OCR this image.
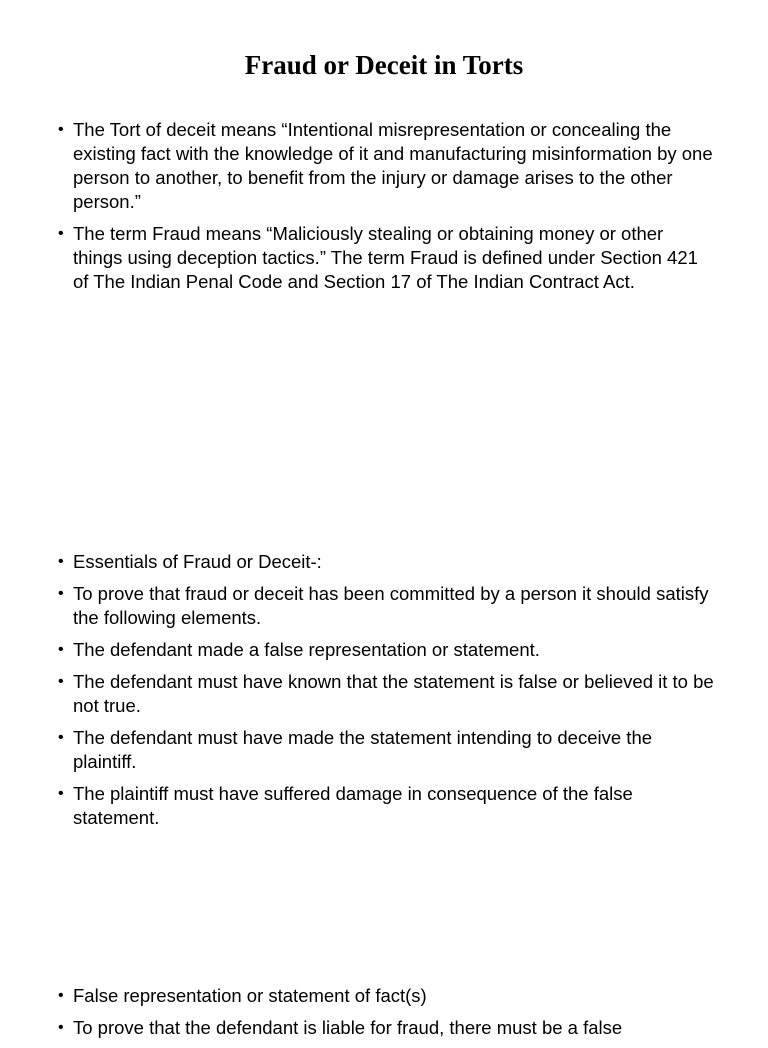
Fraud or Deceit in Torts
• The Tort of deceit means “Intentional misrepresentation or concealing the existing fact with the knowledge of it and manufacturing misinformation by one person to another, to benefit from the injury or damage arises to the other person.”
• The term Fraud means “Maliciously stealing or obtaining money or other things using deception tactics.” The term Fraud is defined under Section 421 of The Indian Penal Code and Section 17 of The Indian Contract Act.
• Essentials of Fraud or Deceit-:
• To prove that fraud or deceit has been committed by a person it should satisfy the following elements.
• The defendant made a false representation or statement.
• The defendant must have known that the statement is false or believed it to be not true.
• The defendant must have made the statement intending to deceive the plaintiff.
• The plaintiff must have suffered damage in consequence of the false statement.
• False representation or statement of fact(s)
• To prove that the defendant is liable for fraud, there must be a false
